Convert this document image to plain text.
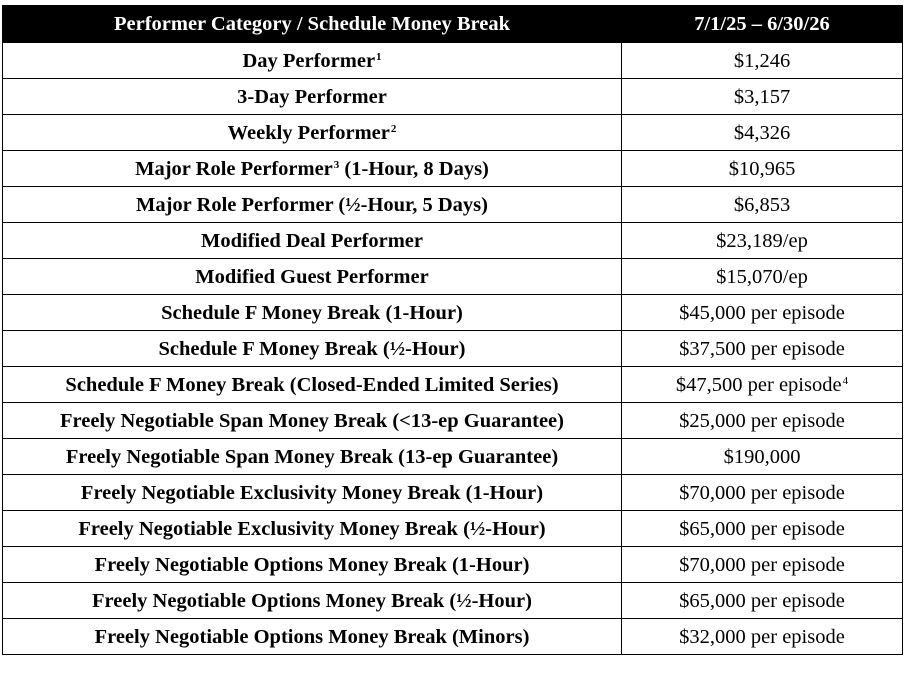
Performer Category / Schedule Money Break	7/1/25 – 6/30/26
Day Performer$^1$	$1,246
3-Day Performer	$3,157
Weekly Performer$^2$	$4,326
Major Role Performer$^3$ (1-Hour, 8 Days)	$10,965
Major Role Performer (½-Hour, 5 Days)	$6,853
Modified Deal Performer	$23,189/ep
Modified Guest Performer	$15,070/ep
Schedule F Money Break (1-Hour)	$45,000 per episode
Schedule F Money Break (½-Hour)	$37,500 per episode
Schedule F Money Break (Closed-Ended Limited Series)	$47,500 per episode$^4$
Freely Negotiable Span Money Break (<13-ep Guarantee)	$25,000 per episode
Freely Negotiable Span Money Break (13-ep Guarantee)	$190,000
Freely Negotiable Exclusivity Money Break (1-Hour)	$70,000 per episode
Freely Negotiable Exclusivity Money Break (½-Hour)	$65,000 per episode
Freely Negotiable Options Money Break (1-Hour)	$70,000 per episode
Freely Negotiable Options Money Break (½-Hour)	$65,000 per episode
Freely Negotiable Options Money Break (Minors)	$32,000 per episode
